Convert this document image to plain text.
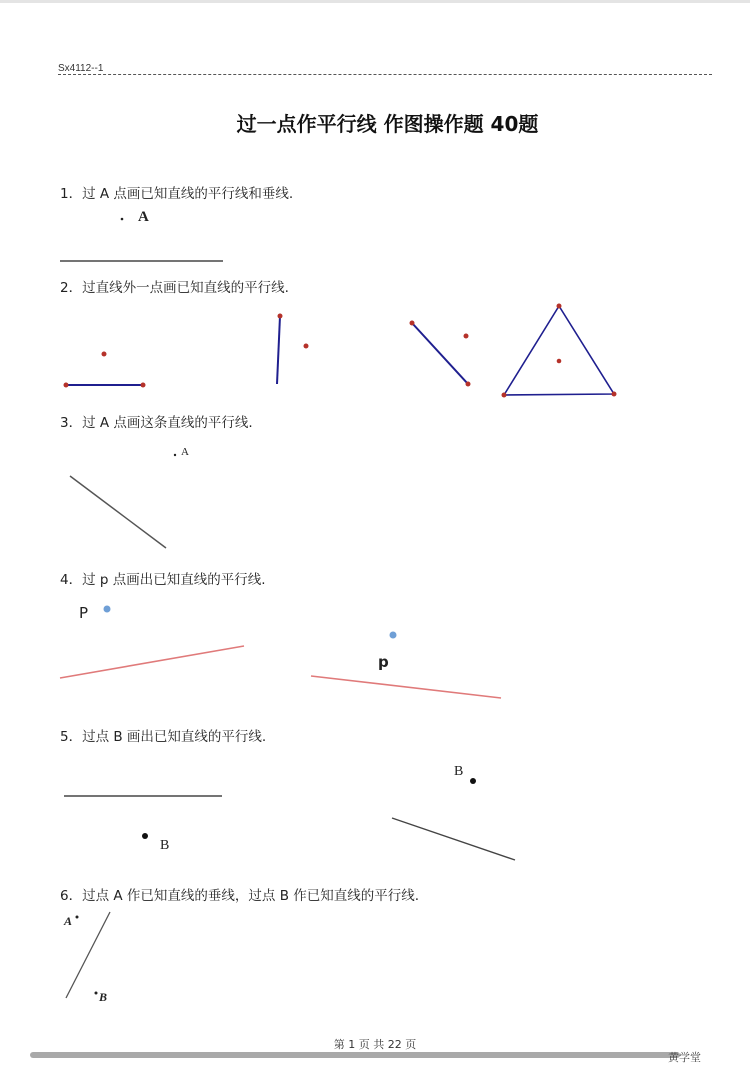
Sx4112--1
过一点作平行线 作图操作题 40题
1．过 A 点画已知直线的平行线和垂线.
2．过直线外一点画已知直线的平行线.
3．过 A 点画这条直线的平行线.
4．过 p 点画出已知直线的平行线.
5．过点 B 画出已知直线的平行线.
6．过点 A 作已知直线的垂线，过点 B 作已知直线的平行线.
A
A
P
p
B
B
A
B
第 1 页 共 22 页
黄学堂
